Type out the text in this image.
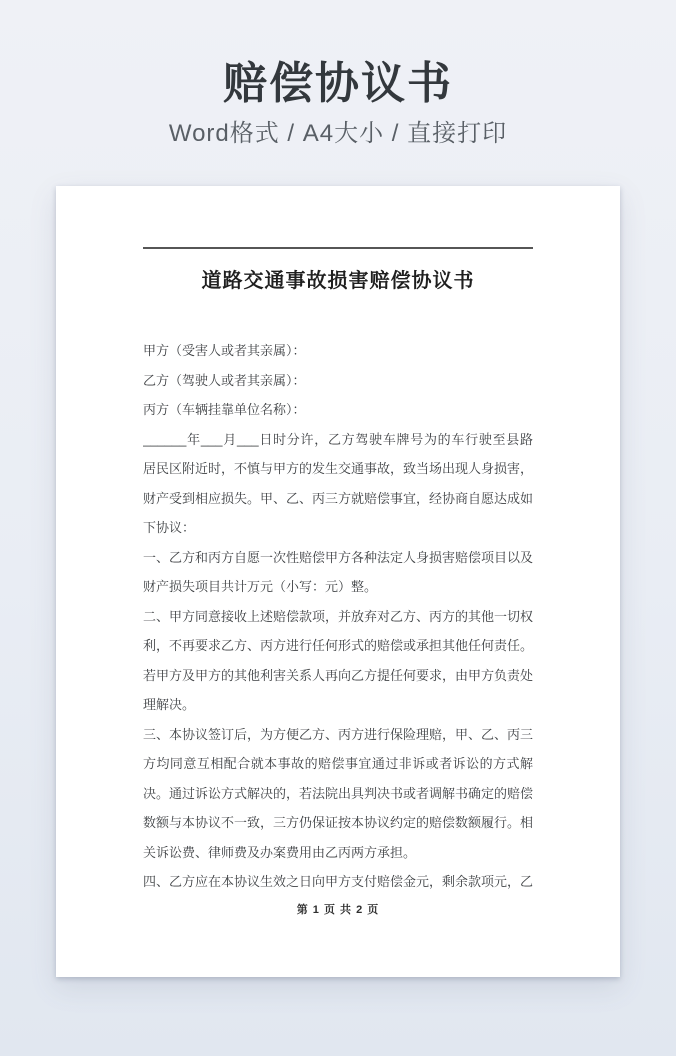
赔偿协议书
Word格式 / A4大小 / 直接打印
道路交通事故损害赔偿协议书
甲方（受害人或者其亲属）：
乙方（驾驶人或者其亲属）：
丙方（车辆挂靠单位名称）：
______年___月___日时分许，乙方驾驶车牌号为的车行驶至县路
居民区附近时，不慎与甲方的发生交通事故，致当场出现人身损害，
财产受到相应损失。甲、乙、丙三方就赔偿事宜，经协商自愿达成如
下协议：
一、乙方和丙方自愿一次性赔偿甲方各种法定人身损害赔偿项目以及
财产损失项目共计万元（小写：元）整。
二、甲方同意接收上述赔偿款项，并放弃对乙方、丙方的其他一切权
利，不再要求乙方、丙方进行任何形式的赔偿或承担其他任何责任。
若甲方及甲方的其他利害关系人再向乙方提任何要求，由甲方负责处
理解决。
三、本协议签订后，为方便乙方、丙方进行保险理赔，甲、乙、丙三
方均同意互相配合就本事故的赔偿事宜通过非诉或者诉讼的方式解
决。通过诉讼方式解决的，若法院出具判决书或者调解书确定的赔偿
数额与本协议不一致，三方仍保证按本协议约定的赔偿数额履行。相
关诉讼费、律师费及办案费用由乙丙两方承担。
四、乙方应在本协议生效之日向甲方支付赔偿金元，剩余款项元，乙
第 1 页 共 2 页
